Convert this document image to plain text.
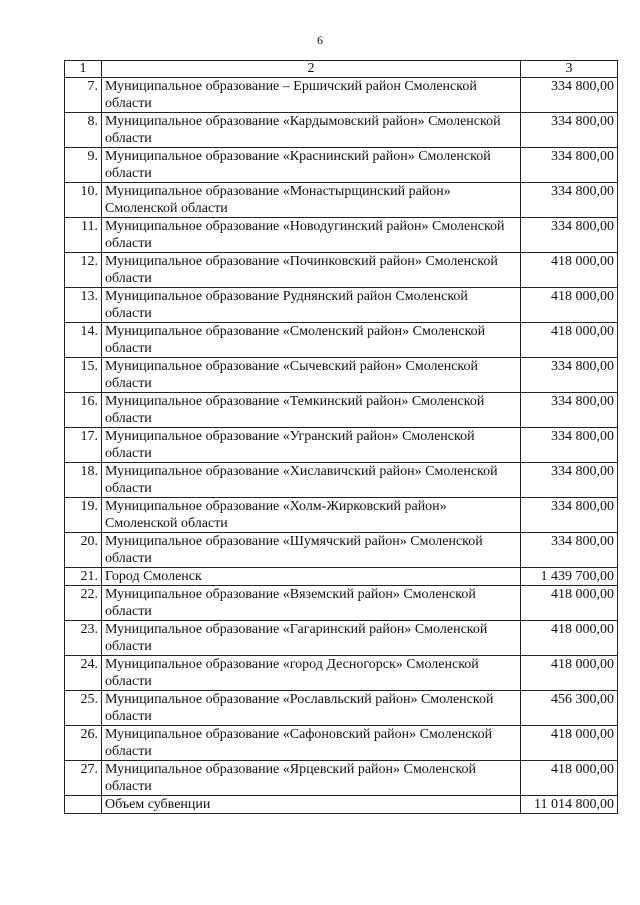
6
1	2	3
7.	Муниципальное образование – Ершичский район Смоленской области	334 800,00
8.	Муниципальное образование «Кардымовский район» Смоленской области	334 800,00
9.	Муниципальное образование «Краснинский район» Смоленской области	334 800,00
10.	Муниципальное образование «Монастырщинский район» Смоленской области	334 800,00
11.	Муниципальное образование «Новодугинский район» Смоленской области	334 800,00
12.	Муниципальное образование «Починковский район» Смоленской области	418 000,00
13.	Муниципальное образование Руднянский район Смоленской области	418 000,00
14.	Муниципальное образование «Смоленский район» Смоленской области	418 000,00
15.	Муниципальное образование «Сычевский район» Смоленской области	334 800,00
16.	Муниципальное образование «Темкинский район» Смоленской области	334 800,00
17.	Муниципальное образование «Угранский район» Смоленской области	334 800,00
18.	Муниципальное образование «Хиславичский район» Смоленской области	334 800,00
19.	Муниципальное образование «Холм-Жирковский район» Смоленской области	334 800,00
20.	Муниципальное образование «Шумячский район» Смоленской области	334 800,00
21.	Город Смоленск	1 439 700,00
22.	Муниципальное образование «Вяземский район» Смоленской области	418 000,00
23.	Муниципальное образование «Гагаринский район» Смоленской области	418 000,00
24.	Муниципальное образование «город Десногорск» Смоленской области	418 000,00
25.	Муниципальное образование «Рославльский район» Смоленской области	456 300,00
26.	Муниципальное образование «Сафоновский район» Смоленской области	418 000,00
27.	Муниципальное образование «Ярцевский район» Смоленской области	418 000,00
	Объем субвенции	11 014 800,00
